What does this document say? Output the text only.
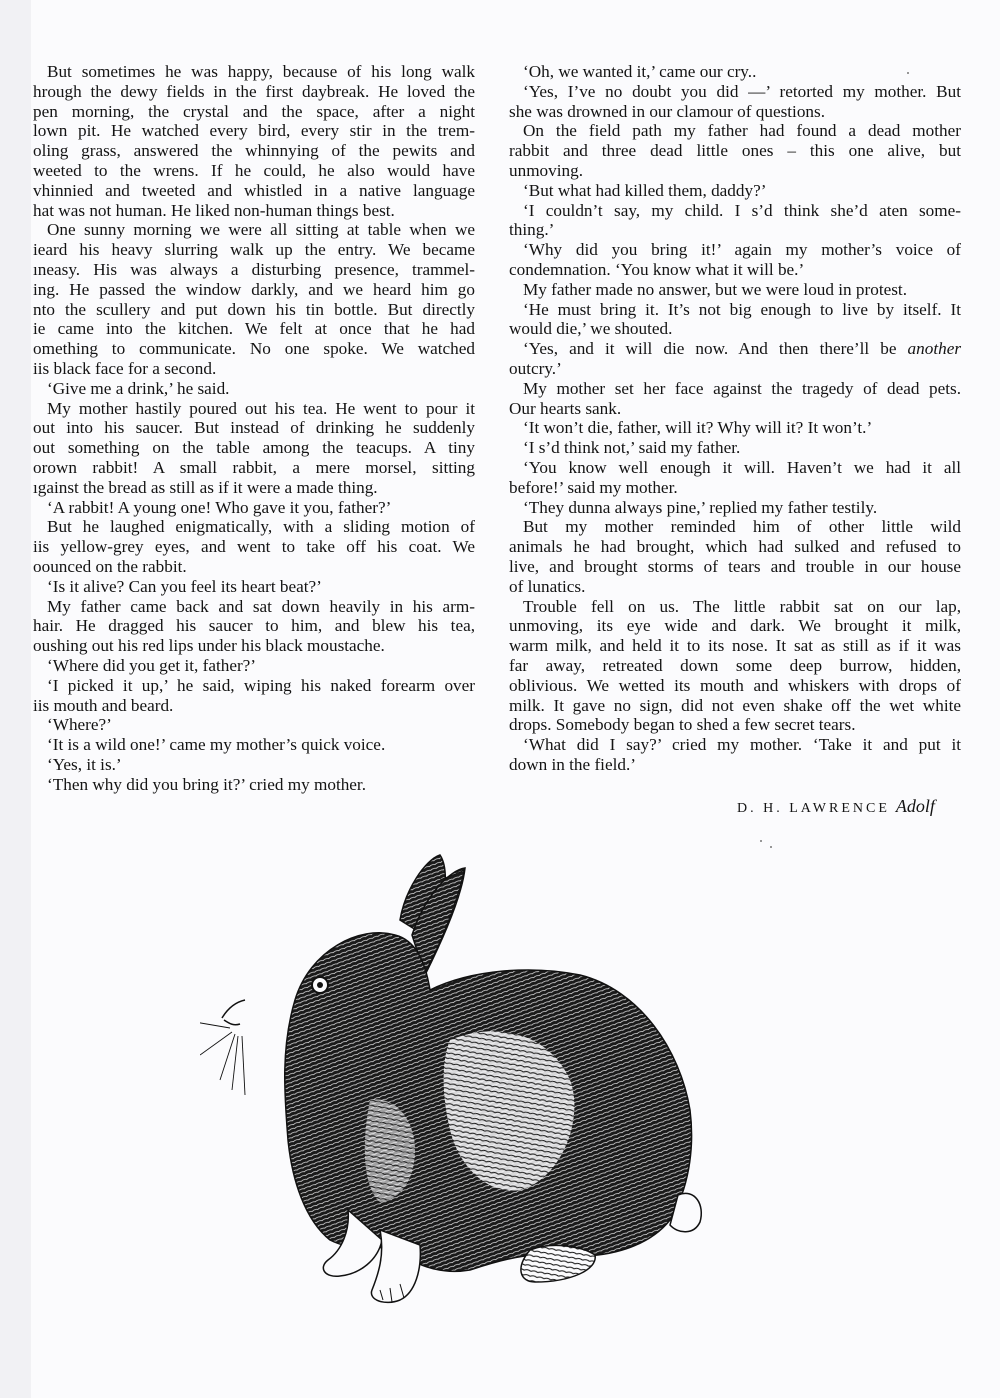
But sometimes he was happy, because of his long walk
hrough the dewy fields in the first daybreak. He loved the
pen morning, the crystal and the space, after a night
lown pit. He watched every bird, every stir in the trem-
oling grass, answered the whinnying of the pewits and
weeted to the wrens. If he could, he also would have
vhinnied and tweeted and whistled in a native language
hat was not human. He liked non-human things best.
One sunny morning we were all sitting at table when we
ieard his heavy slurring walk up the entry. We became
ıneasy. His was always a disturbing presence, trammel-
ing. He passed the window darkly, and we heard him go
nto the scullery and put down his tin bottle. But directly
ie came into the kitchen. We felt at once that he had
omething to communicate. No one spoke. We watched
iis black face for a second.
‘Give me a drink,’ he said.
My mother hastily poured out his tea. He went to pour it
out into his saucer. But instead of drinking he suddenly
out something on the table among the teacups. A tiny
orown rabbit! A small rabbit, a mere morsel, sitting
ıgainst the bread as still as if it were a made thing.
‘A rabbit! A young one! Who gave it you, father?’
But he laughed enigmatically, with a sliding motion of
iis yellow-grey eyes, and went to take off his coat. We
oounced on the rabbit.
‘Is it alive? Can you feel its heart beat?’
My father came back and sat down heavily in his arm-
hair. He dragged his saucer to him, and blew his tea,
oushing out his red lips under his black moustache.
‘Where did you get it, father?’
‘I picked it up,’ he said, wiping his naked forearm over
iis mouth and beard.
‘Where?’
‘It is a wild one!’ came my mother’s quick voice.
‘Yes, it is.’
‘Then why did you bring it?’ cried my mother.
‘Oh, we wanted it,’ came our cry..
‘Yes, I’ve no doubt you did —’ retorted my mother. But
she was drowned in our clamour of questions.
On the field path my father had found a dead mother
rabbit and three dead little ones – this one alive, but
unmoving.
‘But what had killed them, daddy?’
‘I couldn’t say, my child. I s’d think she’d aten some-
thing.’
‘Why did you bring it!’ again my mother’s voice of
condemnation. ‘You know what it will be.’
My father made no answer, but we were loud in protest.
‘He must bring it. It’s not big enough to live by itself. It
would die,’ we shouted.
‘Yes, and it will die now. And then there’ll be another
outcry.’
My mother set her face against the tragedy of dead pets.
Our hearts sank.
‘It won’t die, father, will it? Why will it? It won’t.’
‘I s’d think not,’ said my father.
‘You know well enough it will. Haven’t we had it all
before!’ said my mother.
‘They dunna always pine,’ replied my father testily.
But my mother reminded him of other little wild
animals he had brought, which had sulked and refused to
live, and brought storms of tears and trouble in our house
of lunatics.
Trouble fell on us. The little rabbit sat on our lap,
unmoving, its eye wide and dark. We brought it milk,
warm milk, and held it to its nose. It sat as still as if it was
far away, retreated down some deep burrow, hidden,
oblivious. We wetted its mouth and whiskers with drops of
milk. It gave no sign, did not even shake off the wet white
drops. Somebody began to shed a few secret tears.
‘What did I say?’ cried my mother. ‘Take it and put it
down in the field.’
D. H. LAWRENCE Adolf
